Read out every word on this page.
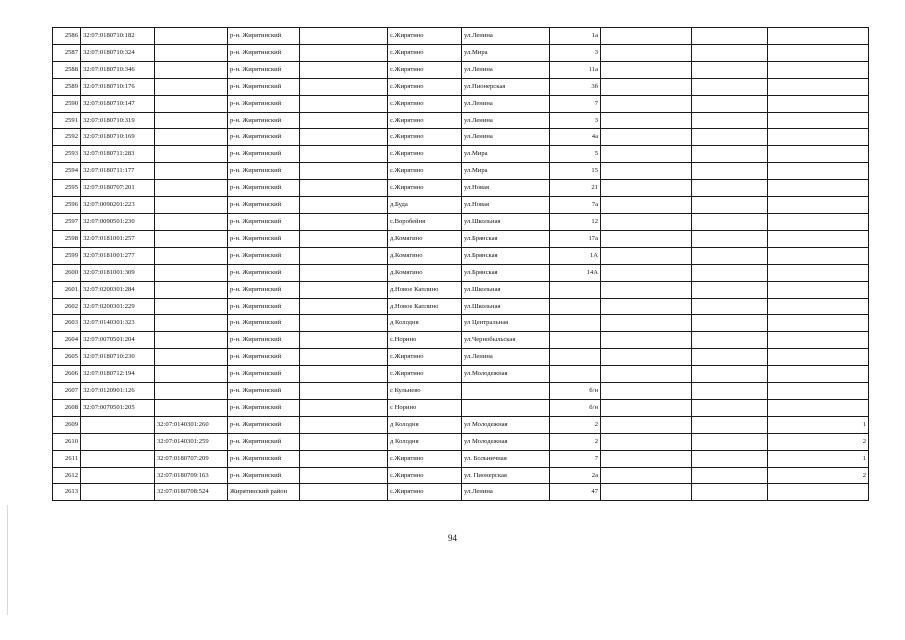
2586	32:07:0180710:182		р-н. Жирятинский		с.Жирятино	ул.Ленина	1а			
2587	32:07:0180710:324		р-н. Жирятинский		с.Жирятино	ул.Мира	3			
2588	32:07:0180710:346		р-н. Жирятинский		с.Жирятино	ул.Ленина	11а			
2589	32:07:0180710:176		р-н. Жирятинский		с.Жирятино	ул.Пионерская	3б			
2590	32:07:0180710:147		р-н. Жирятинский		с.Жирятино	ул.Ленина	7			
2591	32:07:0180710:319		р-н. Жирятинский		с.Жирятино	ул.Ленина	3			
2592	32:07:0180710:169		р-н. Жирятинский		с.Жирятино	ул.Ленина	4а			
2593	32:07:0180711:283		р-н. Жирятинский		с.Жирятино	ул.Мира	5			
2594	32:07:0180711:177		р-н. Жирятинский		с.Жирятино	ул.Мира	15			
2595	32:07:0180707:201		р-н. Жирятинский		с.Жирятино	ул.Новая	21			
2596	32:07:0090201:223		р-н. Жирятинский		д.Буда	ул.Новая	7а			
2597	32:07:0090501:230		р-н. Жирятинский		с.Воробейня	ул.Школьная	12			
2598	32:07:0181001:257		р-н. Жирятинский		д.Комягино	ул.Брянская	17а			
2599	32:07:0181001:277		р-н. Жирятинский		д.Комягино	ул.Брянская	1А			
2600	32:07:0181001:309		р-н. Жирятинский		д.Комягино	ул.Брянская	14А			
2601	32:07:0200301:284		р-н. Жирятинский		д.Новое Каплино	ул.Школьная				
2602	32:07:0200301:229		р-н. Жирятинский		д.Новое Каплино	ул.Школьная				
2603	32:07:0140301:323		р-н. Жирятинский		д Колодня	ул Центральная				
2604	32:07:0070501:204		р-н. Жирятинский		с.Норино	ул.Чернобыльская				
2605	32:07:0180710:230		р-н. Жирятинский		с.Жирятино	ул.Ленина				
2606	32:07:0180712:194		р-н. Жирятинский		с.Жирятино	ул.Молодежная				
2607	32:07:0120901:126		р-н. Жирятинский		с Кульнево		б/н			
2608	32:07:0070501:205		р-н. Жирятинский		с Норино		б/н			
2609		32:07:0140301:260	р-н. Жирятинский		д Колодня	ул Молодежная	2			1
2610		32:07:0140301:259	р-н. Жирятинский		д Колодня	ул Молодежная	2			2
2611		32:07:0180707:209	р-н. Жирятинский		с.Жирятино	ул. Больничная	7			1
2612		32:07:0180709:163	р-н. Жирятинский		с.Жирятино	ул. Пионерская	2а			2
2613		32:07:0180708:524	Жирятинский район		с.Жирятино	ул.Ленина	47			
94
